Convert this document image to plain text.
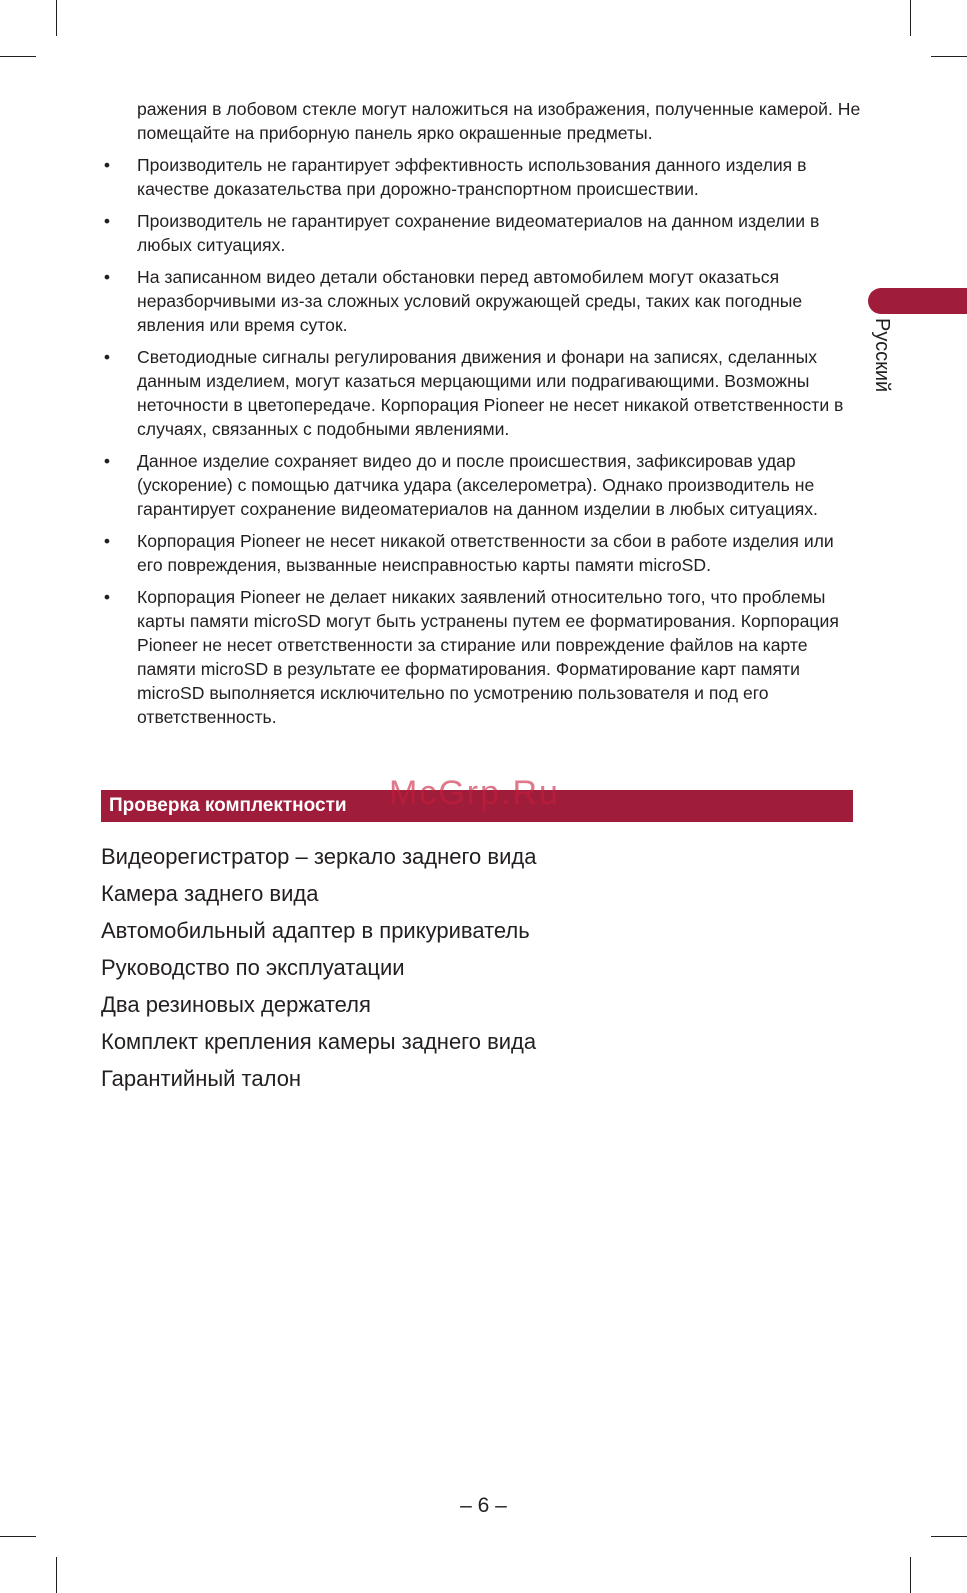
Русский

ражения в лобовом стекле могут наложиться на изображения, полученные камерой. Не помещайте на приборную панель ярко окрашенные предметы.

• Производитель не гарантирует эффективность использования данного изделия в качестве доказательства при дорожно-транспортном происшествии.
• Производитель не гарантирует сохранение видеоматериалов на данном изделии в любых ситуациях.
• На записанном видео детали обстановки перед автомобилем могут оказаться неразборчивыми из-за сложных условий окружающей среды, таких как погодные явления или время суток.
• Светодиодные сигналы регулирования движения и фонари на записях, сделанных данным изделием, могут казаться мерцающими или подрагивающими. Возможны неточности в цветопередаче. Корпорация Pioneer не несет никакой ответственности в случаях, связанных с подобными явлениями.
• Данное изделие сохраняет видео до и после происшествия, зафиксировав удар (ускорение) с помощью датчика удара (акселерометра). Однако производитель не гарантирует сохранение видеоматериалов на данном изделии в любых ситуациях.
• Корпорация Pioneer не несет никакой ответственности за сбои в работе изделия или его повреждения, вызванные неисправностью карты памяти microSD.
• Корпорация Pioneer не делает никаких заявлений относительно того, что проблемы карты памяти microSD могут быть устранены путем ее форматирования. Корпорация Pioneer не несет ответственности за стирание или повреждение файлов на карте памяти microSD в результате ее форматирования. Форматирование карт памяти microSD выполняется исключительно по усмотрению пользователя и под его ответственность.
Проверка комплектности McGrp.Ru
Видеорегистратор – зеркало заднего вида
Камера заднего вида
Автомобильный адаптер в прикуриватель
Руководство по эксплуатации
Два резиновых держателя
Комплект крепления камеры заднего вида
Гарантийный талон
– 6 –
